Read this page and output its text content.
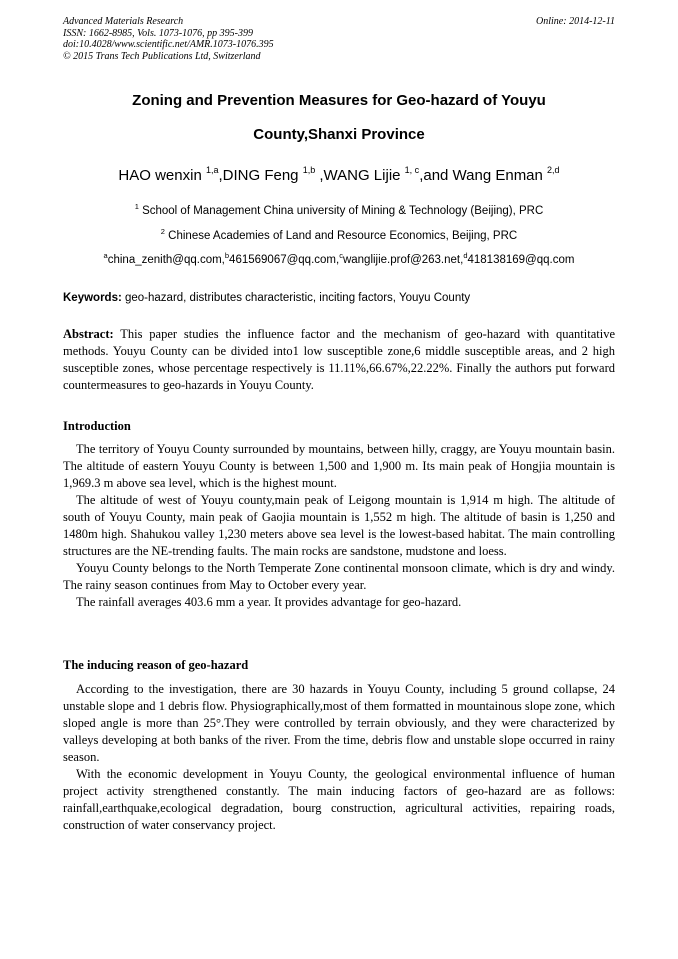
Advanced Materials Research
ISSN: 1662-8985, Vols. 1073-1076, pp 395-399
doi:10.4028/www.scientific.net/AMR.1073-1076.395
© 2015 Trans Tech Publications Ltd, Switzerland
Online: 2014-12-11
Zoning and Prevention Measures for Geo-hazard of Youyu
County,Shanxi Province
HAO wenxin $^{1,a}$,DING Feng $^{1,b}$ ,WANG Lijie $^{1, c}$,and Wang Enman $^{2,d}$
$^1$ School of Management China university of Mining & Technology (Beijing), PRC
$^2$ Chinese Academies of Land and Resource Economics, Beijing, PRC
$^a$china_zenith@qq.com,$^b$461569067@qq.com,$^c$wanglijie.prof@263.net,$^d$418138169@qq.com
Keywords: geo-hazard, distributes characteristic, inciting factors, Youyu County
Abstract: This paper studies the influence factor and the mechanism of geo-hazard with quantitative methods. Youyu County can be divided into1 low susceptible zone,6 middle susceptible areas, and 2 high susceptible zones, whose percentage respectively is 11.11%,66.67%,22.22%. Finally the authors put forward countermeasures to geo-hazards in Youyu County.
Introduction

The territory of Youyu County surrounded by mountains, between hilly, craggy, are Youyu mountain basin. The altitude of eastern Youyu County is between 1,500 and 1,900 m. Its main peak of Hongjia mountain is 1,969.3 m above sea level, which is the highest mount.

The altitude of west of Youyu county,main peak of Leigong mountain is 1,914 m high. The altitude of south of Youyu County, main peak of Gaojia mountain is 1,552 m high. The altitude of basin is 1,250 and 1480m high. Shahukou valley 1,230 meters above sea level is the lowest-based habitat. The main controlling structures are the NE-trending faults. The main rocks are sandstone, mudstone and loess.

Youyu County belongs to the North Temperate Zone continental monsoon climate, which is dry and windy. The rainy season continues from May to October every year.

The rainfall averages 403.6 mm a year. It provides advantage for geo-hazard.

The inducing reason of geo-hazard

According to the investigation, there are 30 hazards in Youyu County, including 5 ground collapse, 24 unstable slope and 1 debris flow. Physiographically,most of them formatted in mountainous slope zone, which sloped angle is more than 25°.They were controlled by terrain obviously, and they were characterized by valleys developing at both banks of the river. From the time, debris flow and unstable slope occurred in rainy season.

With the economic development in Youyu County, the geological environmental influence of human project activity strengthened constantly. The main inducing factors of geo-hazard are as follows: rainfall,earthquake,ecological degradation, bourg construction, agricultural activities, repairing roads, construction of water conservancy project.
